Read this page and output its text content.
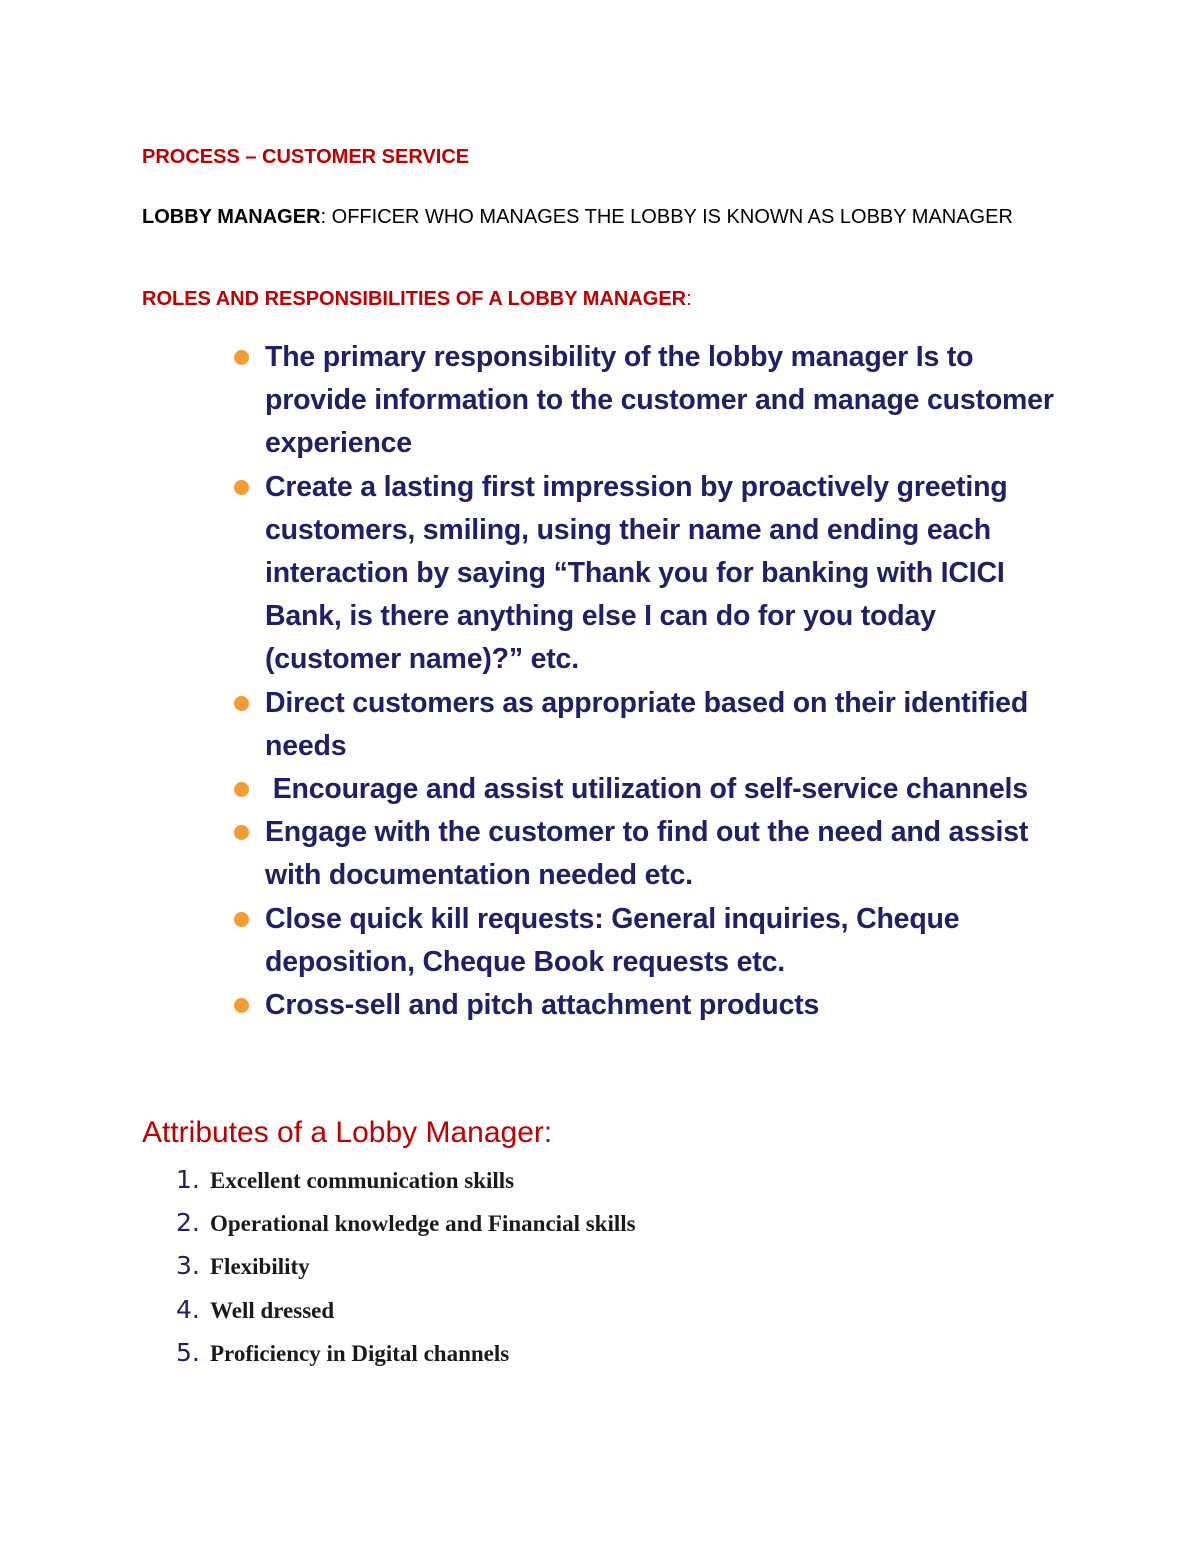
PROCESS – CUSTOMER SERVICE
LOBBY MANAGER: OFFICER WHO MANAGES THE LOBBY IS KNOWN AS LOBBY MANAGER
ROLES AND RESPONSIBILITIES OF A LOBBY MANAGER:
The primary responsibility of the lobby manager Is to provide information to the customer and manage customer experience
Create a lasting first impression by proactively greeting customers, smiling, using their name and ending each interaction by saying “Thank you for banking with ICICI Bank, is there anything else I can do for you today (customer name)?” etc.
Direct customers as appropriate based on their identified needs
Encourage and assist utilization of self-service channels
Engage with the customer to find out the need and assist with documentation needed etc.
Close quick kill requests: General inquiries, Cheque deposition, Cheque Book requests etc.
Cross-sell and pitch attachment products
Attributes of a Lobby Manager:
1. Excellent communication skills
2. Operational knowledge and Financial skills
3. Flexibility
4. Well dressed
5. Proficiency in Digital channels
